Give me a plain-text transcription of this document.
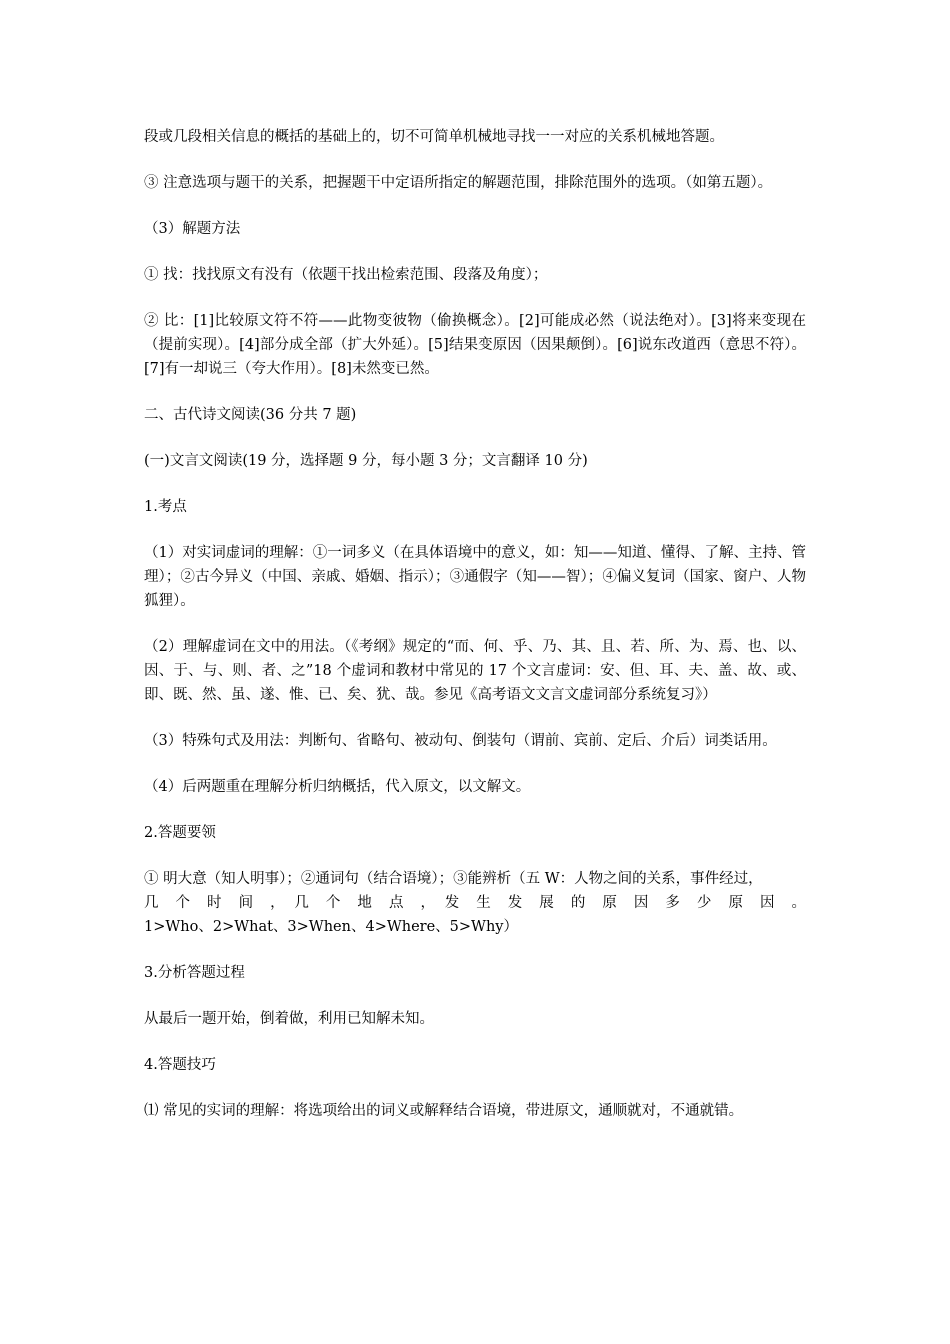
段或几段相关信息的概括的基础上的，切不可简单机械地寻找一一对应的关系机械地答题。

③ 注意选项与题干的关系，把握题干中定语所指定的解题范围，排除范围外的选项。（如第五题）。

（3）解题方法

① 找：找找原文有没有（依题干找出检索范围、段落及角度）；

② 比：[1]比较原文符不符——此物变彼物（偷换概念）。[2]可能成必然（说法绝对）。[3]将来变现在（提前实现）。[4]部分成全部（扩大外延）。[5]结果变原因（因果颠倒）。[6]说东改道西（意思不符）。[7]有一却说三（夸大作用）。[8]未然变已然。

二、古代诗文阅读(36 分共 7 题)

(一)文言文阅读(19 分，选择题 9 分，每小题 3 分；文言翻译 10 分)

1.考点

（1）对实词虚词的理解：①一词多义（在具体语境中的意义，如：知——知道、懂得、了解、主持、管理）；②古今异义（中国、亲戚、婚姻、指示）；③通假字（知——智）；④偏义复词（国家、窗户、人物狐狸）。

（2）理解虚词在文中的用法。（《考纲》规定的“而、何、乎、乃、其、且、若、所、为、焉、也、以、因、于、与、则、者、之”18 个虚词和教材中常见的 17 个文言虚词：安、但、耳、夫、盖、故、或、即、既、然、虽、遂、惟、已、矣、犹、哉。参见《高考语文文言文虚词部分系统复习》）

（3）特殊句式及用法：判断句、省略句、被动句、倒装句（谓前、宾前、定后、介后）词类话用。

（4）后两题重在理解分析归纳概括，代入原文，以文解文。

2.答题要领

① 明大意（知人明事）；②通词句（结合语境）；③能辨析（五 W：人物之间的关系，事件经过，
几　个　时　间　，　几　个　地　点　，　发　生　发　展　的　原　因　多　少　原　因　。
1>Who、2>What、3>When、4>Where、5>Why）

3.分析答题过程

从最后一题开始，倒着做，利用已知解未知。

4.答题技巧

⑴ 常见的实词的理解：将选项给出的词义或解释结合语境，带进原文，通顺就对，不通就错。
